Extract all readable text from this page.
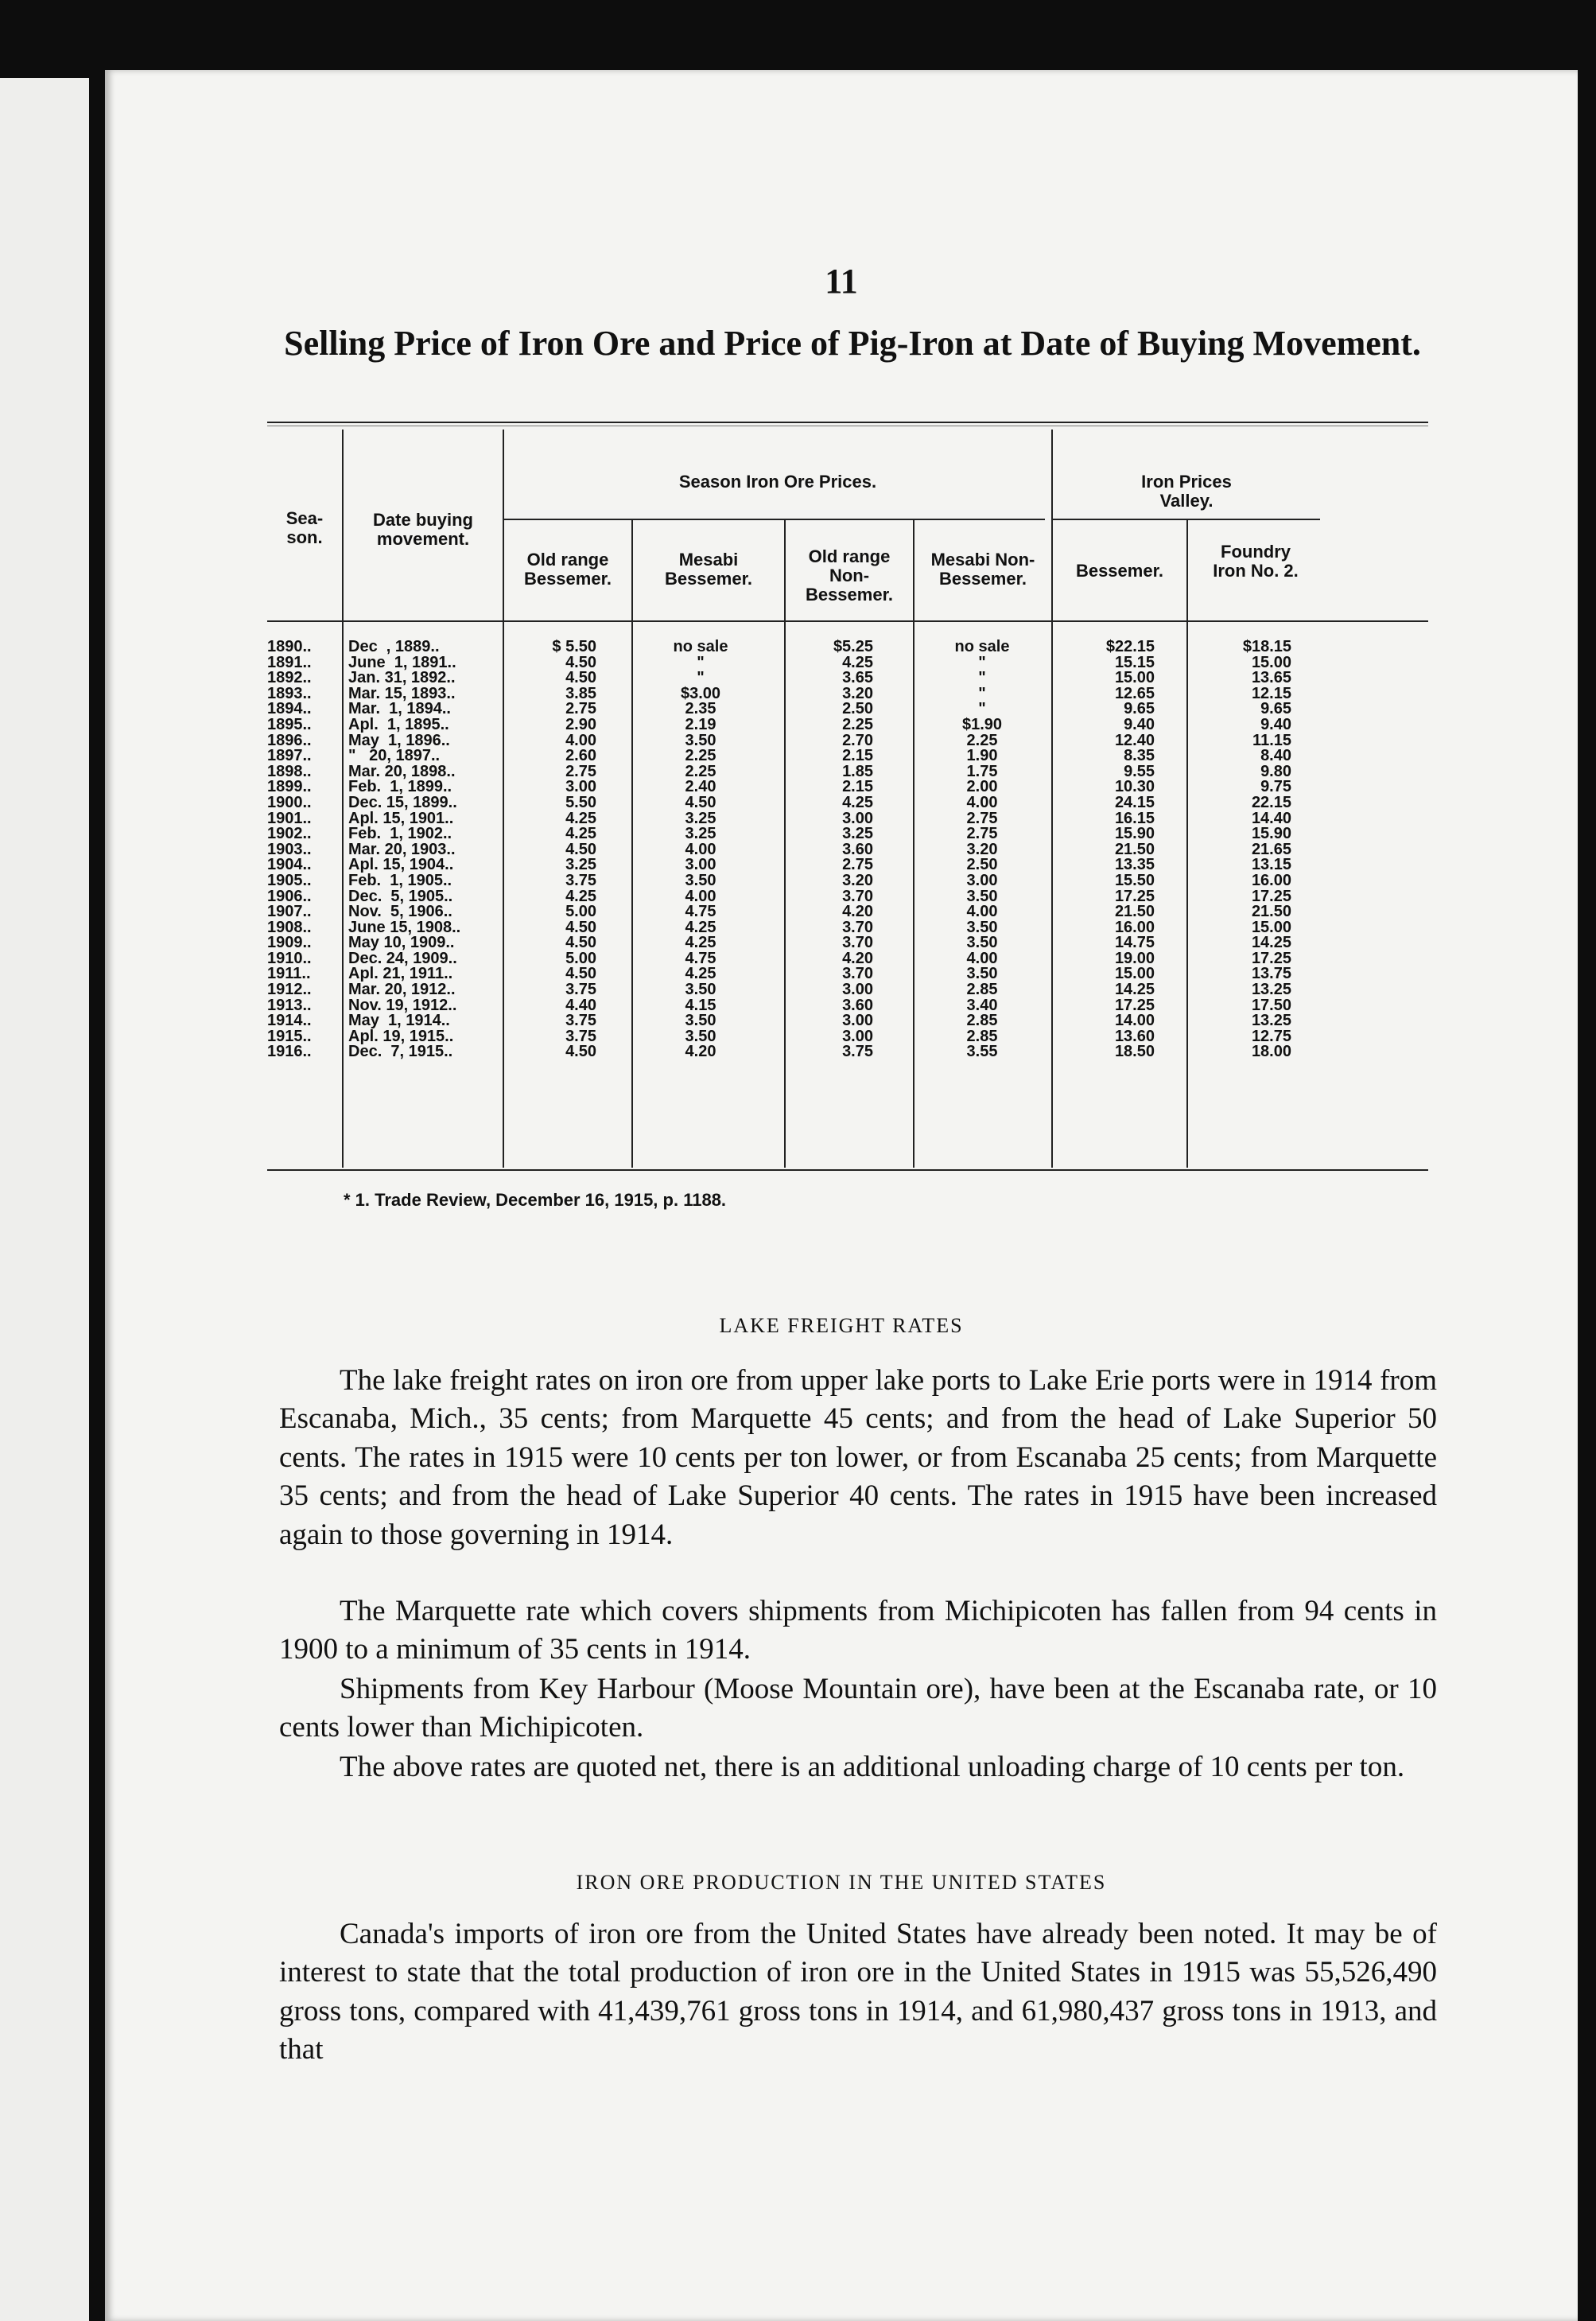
11
Selling Price of Iron Ore and Price of Pig-Iron at Date of Buying Movement.
Sea-
son.
Date buying
movement.
Season Iron Ore Prices.	Iron Prices
Valley.
Old range
Bessemer.
Mesabi
Bessemer.
Old range
Non-
Bessemer.
Mesabi Non-
Bessemer.	Bessemer.
Foundry
Iron No. 2.
1890..
1891..
1892..
1893..
1894..
1895..
1896..
1897..
1898..
1899..
1900..
1901..
1902..
1903..
1904..
1905..
1906..
1907..
1908..
1909..
1910..
1911..
1912..
1913..
1914..
1915..
1916..
Dec  , 1889..
June  1, 1891..
Jan. 31, 1892..
Mar. 15, 1893..
Mar.  1, 1894..
Apl.  1, 1895..
May  1, 1896..
"   20, 1897..
Mar. 20, 1898..
Feb.  1, 1899..
Dec. 15, 1899..
Apl. 15, 1901..
Feb.  1, 1902..
Mar. 20, 1903..
Apl. 15, 1904..
Feb.  1, 1905..
Dec.  5, 1905..
Nov.  5, 1906..
June 15, 1908..
May 10, 1909..
Dec. 24, 1909..
Apl. 21, 1911..
Mar. 20, 1912..
Nov. 19, 1912..
May  1, 1914..
Apl. 19, 1915..
Dec.  7, 1915..
$ 5.50
4.50
4.50
3.85
2.75
2.90
4.00
2.60
2.75
3.00
5.50
4.25
4.25
4.50
3.25
3.75
4.25
5.00
4.50
4.50
5.00
4.50
3.75
4.40
3.75
3.75
4.50
no sale
"
"
$3.00
2.35
2.19
3.50
2.25
2.25
2.40
4.50
3.25
3.25
4.00
3.00
3.50
4.00
4.75
4.25
4.25
4.75
4.25
3.50
4.15
3.50
3.50
4.20
$5.25
4.25
3.65
3.20
2.50
2.25
2.70
2.15
1.85
2.15
4.25
3.00
3.25
3.60
2.75
3.20
3.70
4.20
3.70
3.70
4.20
3.70
3.00
3.60
3.00
3.00
3.75
no sale
"
"
"
"
$1.90
2.25
1.90
1.75
2.00
4.00
2.75
2.75
3.20
2.50
3.00
3.50
4.00
3.50
3.50
4.00
3.50
2.85
3.40
2.85
2.85
3.55
$22.15
15.15
15.00
12.65
9.65
9.40
12.40
8.35
9.55
10.30
24.15
16.15
15.90
21.50
13.35
15.50
17.25
21.50
16.00
14.75
19.00
15.00
14.25
17.25
14.00
13.60
18.50
$18.15
15.00
13.65
12.15
9.65
9.40
11.15
8.40
9.80
9.75
22.15
14.40
15.90
21.65
13.15
16.00
17.25
21.50
15.00
14.25
17.25
13.75
13.25
17.50
13.25
12.75
18.00
* 1. Trade Review, December 16, 1915, p. 1188.
LAKE FREIGHT RATES
The lake freight rates on iron ore from upper lake ports to Lake Erie ports were in 1914 from Escanaba, Mich., 35 cents; from Marquette 45 cents; and from the head of Lake Superior 50 cents. The rates in 1915 were 10 cents per ton lower, or from Escanaba 25 cents; from Marquette 35 cents; and from the head of Lake Superior 40 cents. The rates in 1915 have been increased again to those governing in 1914.
The Marquette rate which covers shipments from Michipicoten has fallen from 94 cents in 1900 to a minimum of 35 cents in 1914.
Shipments from Key Harbour (Moose Mountain ore), have been at the Escanaba rate, or 10 cents lower than Michipicoten.
The above rates are quoted net, there is an additional unloading charge of 10 cents per ton.
IRON ORE PRODUCTION IN THE UNITED STATES
Canada's imports of iron ore from the United States have already been noted. It may be of interest to state that the total production of iron ore in the United States in 1915 was 55,526,490 gross tons, compared with 41,439,761 gross tons in 1914, and 61,980,437 gross tons in 1913, and that
